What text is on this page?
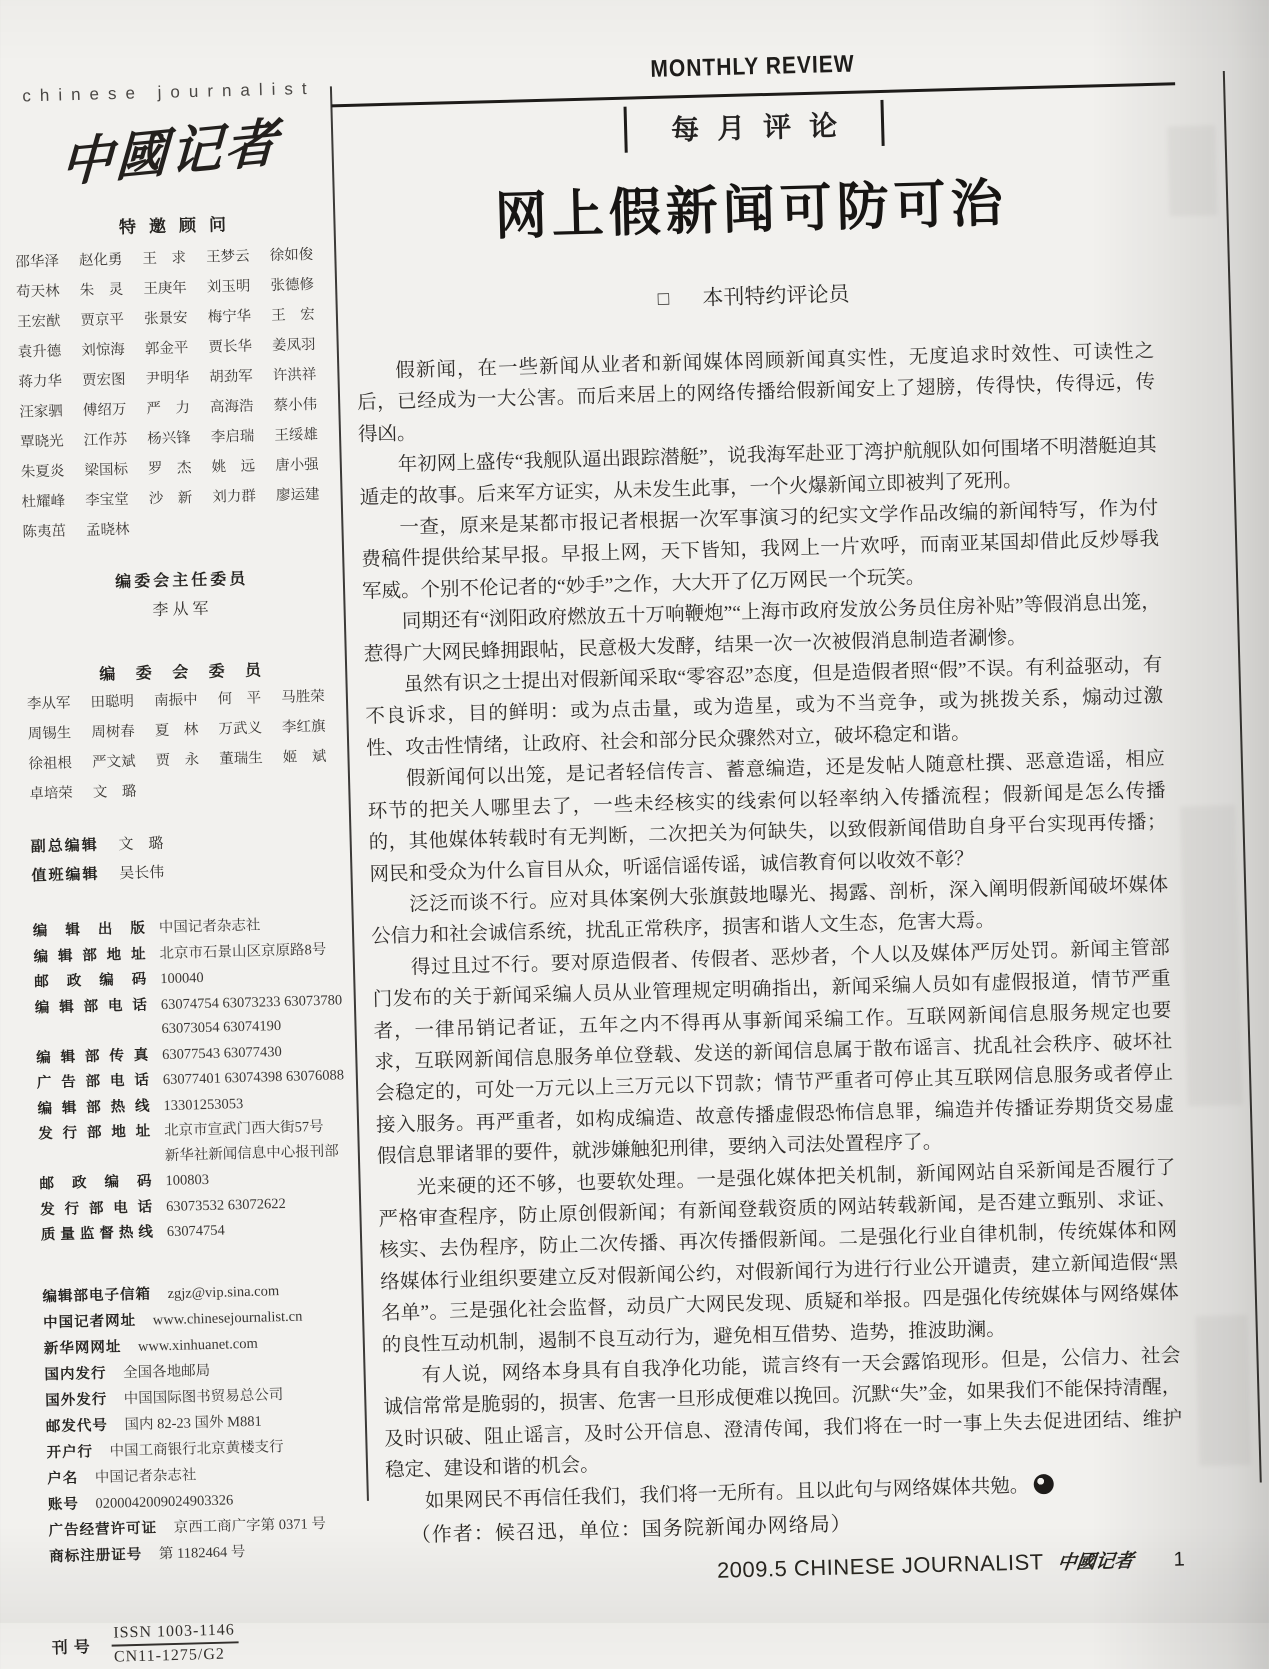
chinese journalist
中國记者
特邀顾问
邵华泽	赵化勇	王　求	王梦云	徐如俊
苟天林	朱　灵	王庚年	刘玉明	张德修
王宏猷	贾京平	张景安	梅宁华	王　宏
袁升德	刘惊海	郭金平	贾长华	姜凤羽
蒋力华	贾宏图	尹明华	胡劲军	许洪祥
汪家驷	傅绍万	严　力	高海浩	蔡小伟
覃晓光	江作苏	杨兴锋	李启瑞	王绥雄
朱夏炎	梁国标	罗　杰	姚　远	唐小强
杜耀峰	李宝堂	沙　新	刘力群	廖运建
陈夷茁	孟晓林
编委会主任委员
李从军
编 委 会 委 员
李从军	田聪明	南振中	何　平	马胜荣
周锡生	周树春	夏　林	万武义	李红旗
徐祖根	严文斌	贾　永	董瑞生	姬　斌
卓培荣	文　璐
副总编辑 文　璐
值班编辑 吴长伟
编辑出版 中国记者杂志社
编辑部地址 北京市石景山区京原路8号
邮政编码 100040
编辑部电话 63074754 63073233 63073780
63073054 63074190
编辑部传真 63077543 63077430
广告部电话 63077401 63074398 63076088
编辑部热线 13301253053
发行部地址 北京市宣武门西大街57号
新华社新闻信息中心报刊部
邮政编码 100803
发行部电话 63073532 63072622
质量监督热线 63074754
编辑部电子信箱 zgjz@vip.sina.com
中国记者网址 www.chinesejournalist.cn
新华网网址 www.xinhuanet.com
国内发行 全国各地邮局
国外发行 中国国际图书贸易总公司
邮发代号 国内 82-23 国外 M881
开户行 中国工商银行北京黄楼支行
户名 中国记者杂志社
账号 0200042009024903326
广告经营许可证 京西工商广字第 0371 号
商标注册证号 第 1182464 号
刊号 $\frac{\text{ISSN 1003-1146}}{CN11-1275/G2}$
MONTHLY REVIEW
每月评论
网上假新闻可防可治
□ 本刊特约评论员

假新闻，在一些新闻从业者和新闻媒体罔顾新闻真实性，无度追求时效性、可读性之后，已经成为一大公害。而后来居上的网络传播给假新闻安上了翅膀，传得快，传得远，传得凶。

年初网上盛传“我舰队逼出跟踪潜艇”，说我海军赴亚丁湾护航舰队如何围堵不明潜艇迫其遁走的故事。后来军方证实，从未发生此事，一个火爆新闻立即被判了死刑。

一查，原来是某都市报记者根据一次军事演习的纪实文学作品改编的新闻特写，作为付费稿件提供给某早报。早报上网，天下皆知，我网上一片欢呼，而南亚某国却借此反炒辱我军威。个别不伦记者的“妙手”之作，大大开了亿万网民一个玩笑。

同期还有“浏阳政府燃放五十万响鞭炮”“上海市政府发放公务员住房补贴”等假消息出笼，惹得广大网民蜂拥跟帖，民意极大发酵，结果一次一次被假消息制造者涮惨。

虽然有识之士提出对假新闻采取“零容忍”态度，但是造假者照“假”不误。有利益驱动，有不良诉求，目的鲜明：或为点击量，或为造星，或为不当竞争，或为挑拨关系，煽动过激性、攻击性情绪，让政府、社会和部分民众骤然对立，破坏稳定和谐。

假新闻何以出笼，是记者轻信传言、蓄意编造，还是发帖人随意杜撰、恶意造谣，相应环节的把关人哪里去了，一些未经核实的线索何以轻率纳入传播流程；假新闻是怎么传播的，其他媒体转载时有无判断，二次把关为何缺失，以致假新闻借助自身平台实现再传播；网民和受众为什么盲目从众，听谣信谣传谣，诚信教育何以收效不彰？

泛泛而谈不行。应对具体案例大张旗鼓地曝光、揭露、剖析，深入阐明假新闻破坏媒体公信力和社会诚信系统，扰乱正常秩序，损害和谐人文生态，危害大焉。

得过且过不行。要对原造假者、传假者、恶炒者，个人以及媒体严厉处罚。新闻主管部门发布的关于新闻采编人员从业管理规定明确指出，新闻采编人员如有虚假报道，情节严重者，一律吊销记者证，五年之内不得再从事新闻采编工作。互联网新闻信息服务规定也要求，互联网新闻信息服务单位登载、发送的新闻信息属于散布谣言、扰乱社会秩序、破坏社会稳定的，可处一万元以上三万元以下罚款；情节严重者可停止其互联网信息服务或者停止接入服务。再严重者，如构成编造、故意传播虚假恐怖信息罪，编造并传播证券期货交易虚假信息罪诸罪的要件，就涉嫌触犯刑律，要纳入司法处置程序了。

光来硬的还不够，也要软处理。一是强化媒体把关机制，新闻网站自采新闻是否履行了严格审查程序，防止原创假新闻；有新闻登载资质的网站转载新闻，是否建立甄别、求证、核实、去伪程序，防止二次传播、再次传播假新闻。二是强化行业自律机制，传统媒体和网络媒体行业组织要建立反对假新闻公约，对假新闻行为进行行业公开谴责，建立新闻造假“黑名单”。三是强化社会监督，动员广大网民发现、质疑和举报。四是强化传统媒体与网络媒体的良性互动机制，遏制不良互动行为，避免相互借势、造势，推波助澜。

有人说，网络本身具有自我净化功能，谎言终有一天会露馅现形。但是，公信力、社会诚信常常是脆弱的，损害、危害一旦形成便难以挽回。沉默“失”金，如果我们不能保持清醒，及时识破、阻止谣言，及时公开信息、澄清传闻，我们将在一时一事上失去促进团结、维护稳定、建设和谐的机会。

如果网民不再信任我们，我们将一无所有。且以此句与网络媒体共勉。

（作者：候召迅，单位：国务院新闻办网络局）

2009.5 CHINESE JOURNALIST 中國记者 1
